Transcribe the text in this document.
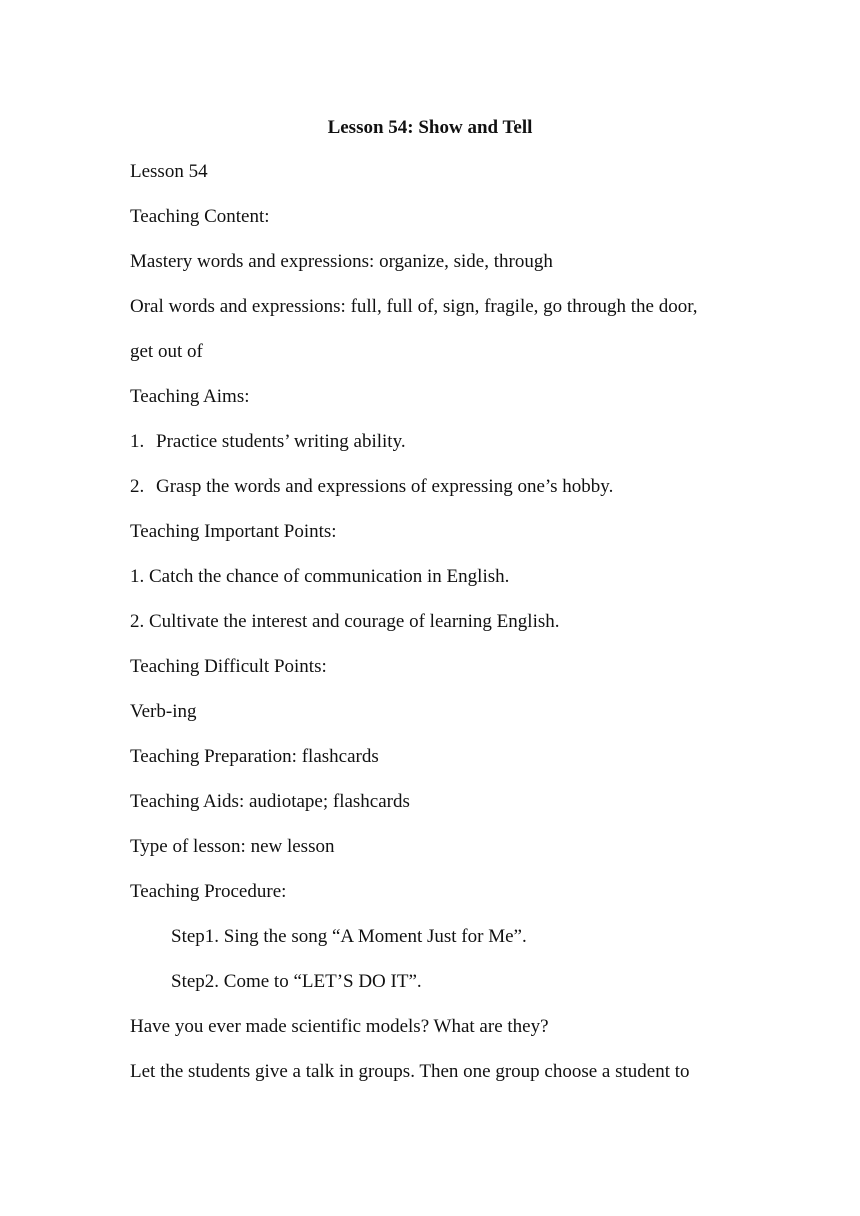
Lesson 54: Show and Tell

Lesson 54

Teaching Content:

Mastery words and expressions: organize, side, through

Oral words and expressions: full, full of, sign, fragile, go through the door,

get out of

Teaching Aims:

1. Practice students’ writing ability.

2. Grasp the words and expressions of expressing one’s hobby.

Teaching Important Points:

1. Catch the chance of communication in English.

2. Cultivate the interest and courage of learning English.

Teaching Difficult Points:

Verb-ing

Teaching Preparation: flashcards

Teaching Aids: audiotape; flashcards

Type of lesson: new lesson

Teaching Procedure:

Step1. Sing the song “A Moment Just for Me”.

Step2. Come to “LET’S DO IT”.

Have you ever made scientific models? What are they?

Let the students give a talk in groups. Then one group choose a student to
